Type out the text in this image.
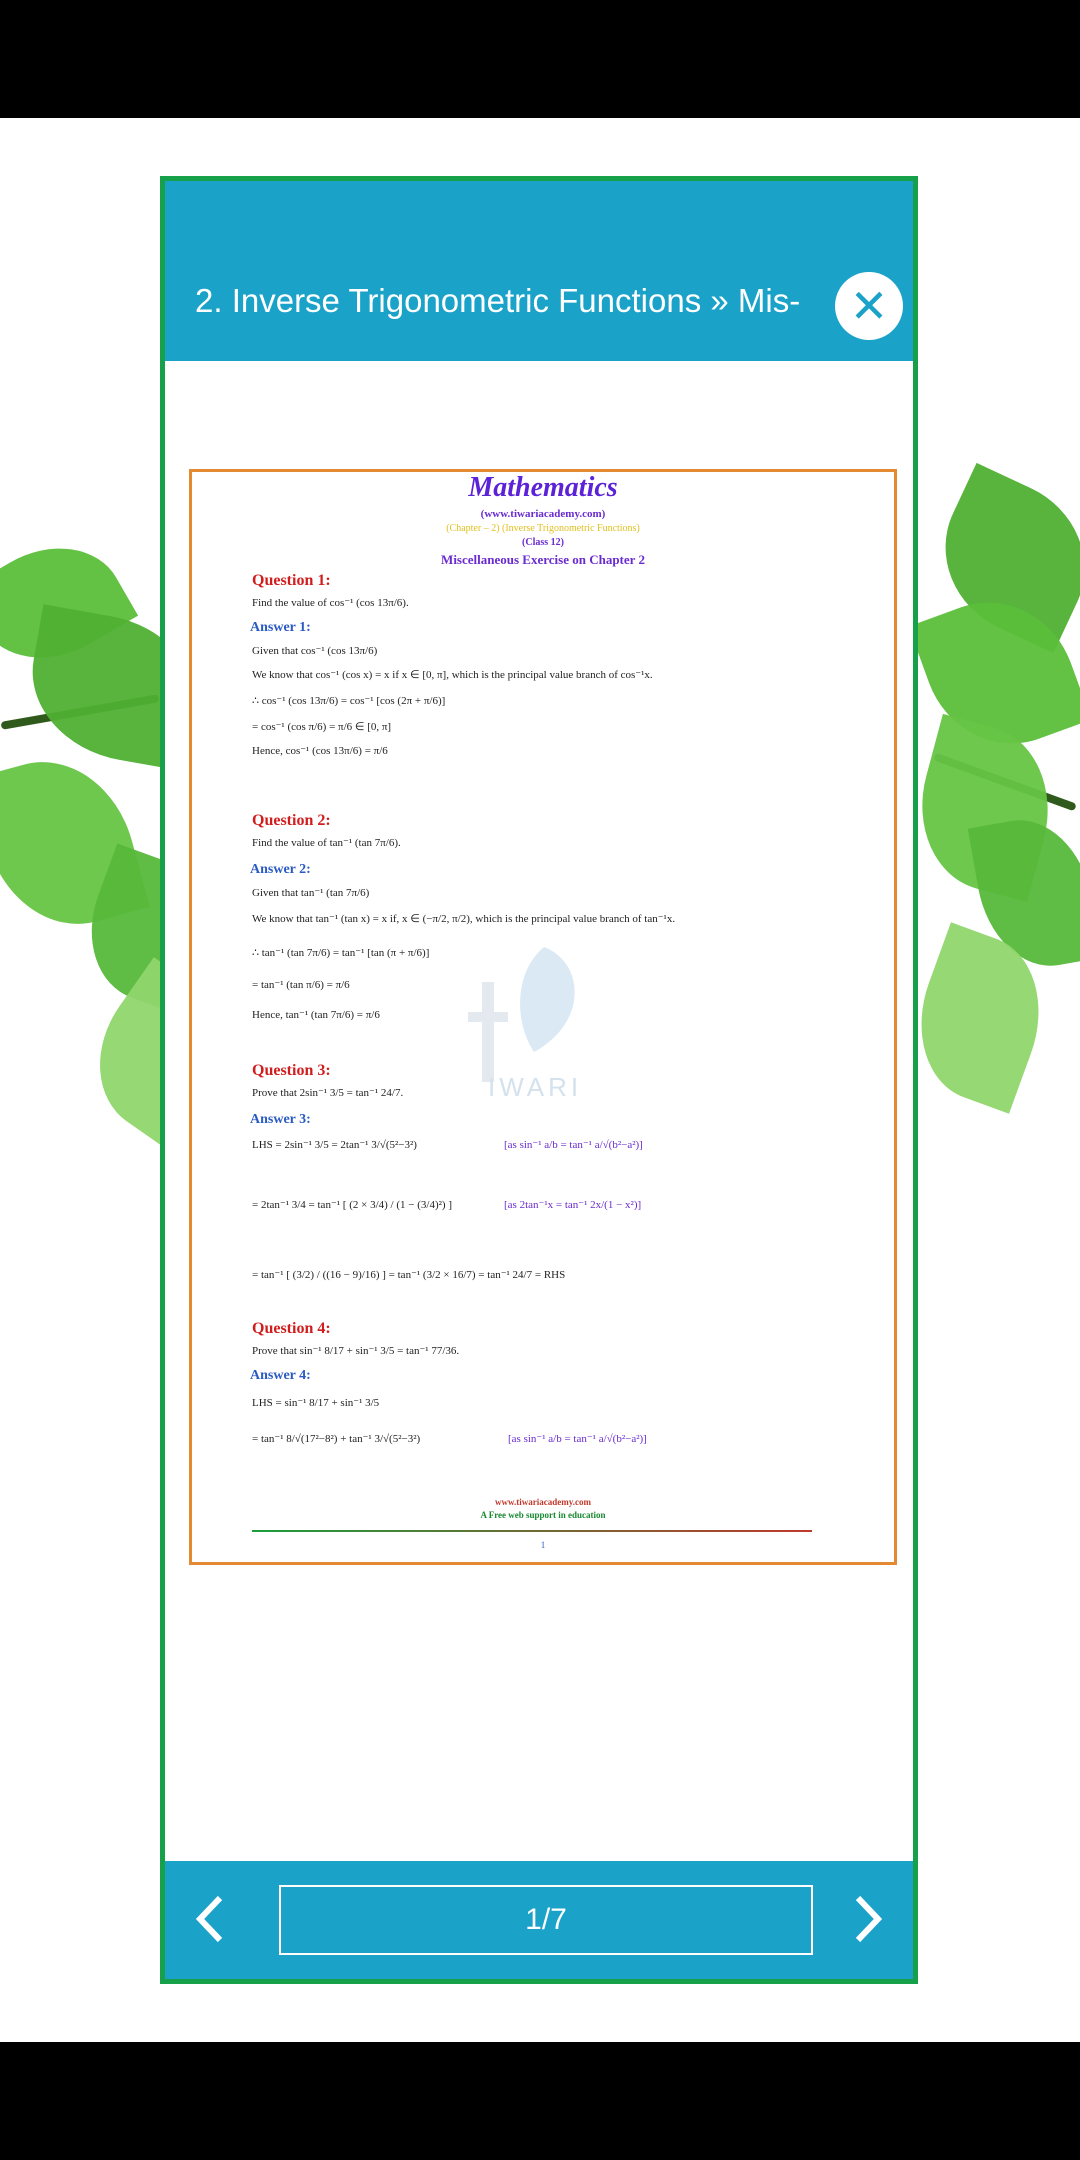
2. Inverse Trigonometric Functions » Mis-	✕
Mathematics
(www.tiwariacademy.com)
(Chapter – 2) (Inverse Trigonometric Functions)
(Class 12)
Miscellaneous Exercise on Chapter 2
Question 1:
Find the value of cos⁻¹ (cos 13π/6).
Answer 1:
Given that cos⁻¹ (cos 13π/6)
We know that cos⁻¹ (cos x) = x if x ∈ [0, π], which is the principal value branch of cos⁻¹x.
∴ cos⁻¹ (cos 13π/6) = cos⁻¹ [cos (2π + π/6)]
= cos⁻¹ (cos π/6) = π/6 ∈ [0, π]
Hence, cos⁻¹ (cos 13π/6) = π/6
Question 2:
Find the value of tan⁻¹ (tan 7π/6).
Answer 2:
Given that tan⁻¹ (tan 7π/6)
We know that tan⁻¹ (tan x) = x if, x ∈ (−π/2, π/2), which is the principal value branch of tan⁻¹x.
∴ tan⁻¹ (tan 7π/6) = tan⁻¹ [tan (π + π/6)]
= tan⁻¹ (tan π/6) = π/6
Hence, tan⁻¹ (tan 7π/6) = π/6
IWARI
Question 3:
Prove that 2sin⁻¹ 3/5 = tan⁻¹ 24/7.
Answer 3:
LHS = 2sin⁻¹ 3/5 = 2tan⁻¹ 3/√(5²−3²)	[as sin⁻¹ a/b = tan⁻¹ a/√(b²−a²)]
= 2tan⁻¹ 3/4 = tan⁻¹ [ (2 × 3/4) / (1 − (3/4)²) ]	[as 2tan⁻¹x = tan⁻¹ 2x/(1 − x²)]
= tan⁻¹ [ (3/2) / ((16 − 9)/16) ] = tan⁻¹ (3/2 × 16/7) = tan⁻¹ 24/7 = RHS
Question 4:
Prove that sin⁻¹ 8/17 + sin⁻¹ 3/5 = tan⁻¹ 77/36.
Answer 4:
LHS = sin⁻¹ 8/17 + sin⁻¹ 3/5
= tan⁻¹ 8/√(17²−8²) + tan⁻¹ 3/√(5²−3²)	[as sin⁻¹ a/b = tan⁻¹ a/√(b²−a²)]
www.tiwariacademy.com
A Free web support in education
1
1/7
